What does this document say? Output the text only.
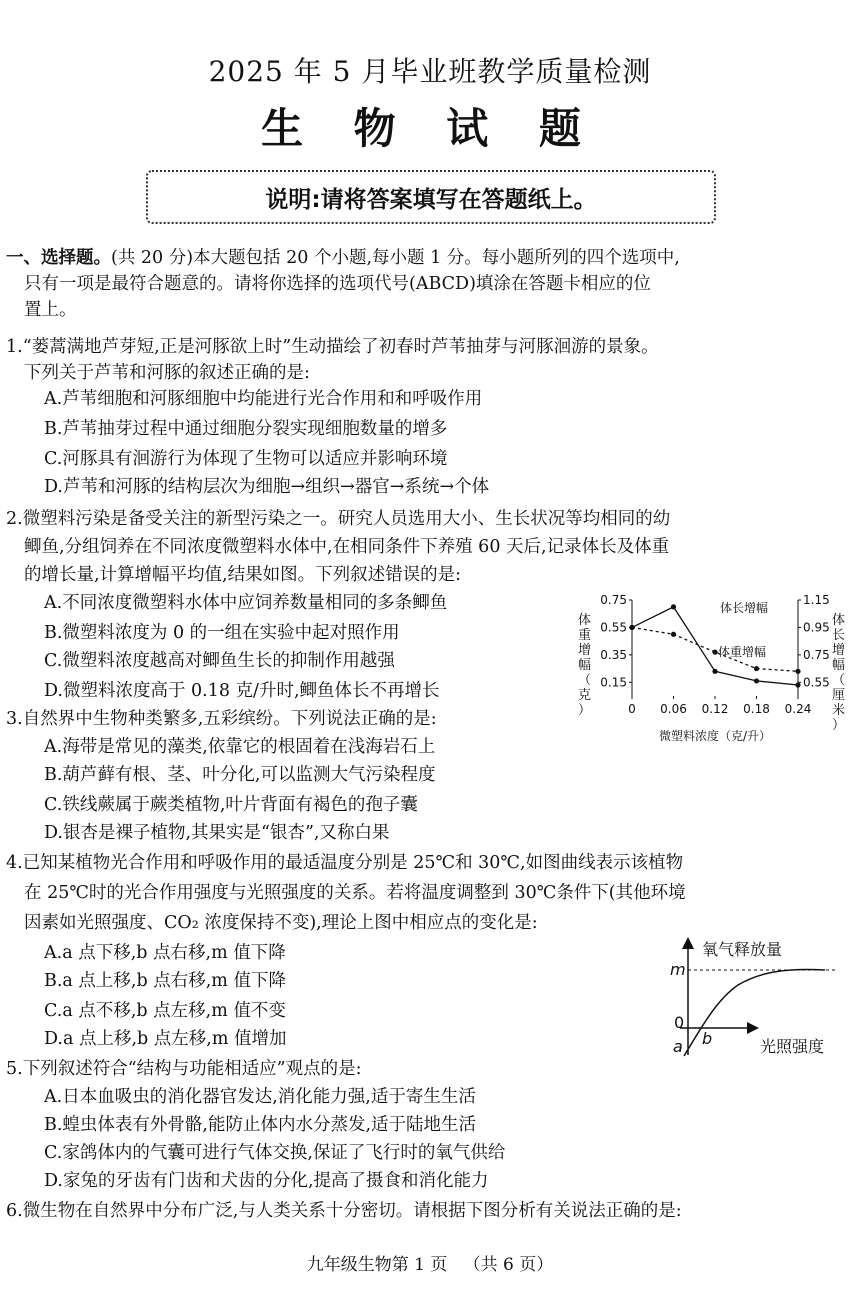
2025 年 5 月毕业班教学质量检测
生 物 试 题
说明:请将答案填写在答题纸上。
一、选择题。(共 20 分)本大题包括 20 个小题,每小题 1 分。每小题所列的四个选项中,
只有一项是最符合题意的。请将你选择的选项代号(ABCD)填涂在答题卡相应的位
置上。
1.“蒌蒿满地芦芽短,正是河豚欲上时”生动描绘了初春时芦苇抽芽与河豚洄游的景象。
下列关于芦苇和河豚的叙述正确的是:
A.芦苇细胞和河豚细胞中均能进行光合作用和和呼吸作用
B.芦苇抽芽过程中通过细胞分裂实现细胞数量的增多
C.河豚具有洄游行为体现了生物可以适应并影响环境
D.芦苇和河豚的结构层次为细胞→组织→器官→系统→个体
2.微塑料污染是备受关注的新型污染之一。研究人员选用大小、生长状况等均相同的幼
鲫鱼,分组饲养在不同浓度微塑料水体中,在相同条件下养殖 60 天后,记录体长及体重
的增长量,计算增幅平均值,结果如图。下列叙述错误的是:
A.不同浓度微塑料水体中应饲养数量相同的多条鲫鱼
B.微塑料浓度为 0 的一组在实验中起对照作用
C.微塑料浓度越高对鲫鱼生长的抑制作用越强
D.微塑料浓度高于 0.18 克/升时,鲫鱼体长不再增长
0 0.06 0.12 0.18 0.24
0.75
0.55
0.35
0.15
1.15
0.95
0.75
0.55
体重增幅（克）
体长增幅（厘米）
微塑料浓度（克/升）
体长增幅
体重增幅
3.自然界中生物种类繁多,五彩缤纷。下列说法正确的是:
A.海带是常见的藻类,依靠它的根固着在浅海岩石上
B.葫芦藓有根、茎、叶分化,可以监测大气污染程度
C.铁线蕨属于蕨类植物,叶片背面有褐色的孢子囊
D.银杏是裸子植物,其果实是“银杏”,又称白果
4.已知某植物光合作用和呼吸作用的最适温度分别是 25℃和 30℃,如图曲线表示该植物
在 25℃时的光合作用强度与光照强度的关系。若将温度调整到 30℃条件下(其他环境
因素如光照强度、CO₂ 浓度保持不变),理论上图中相应点的变化是:
A.a 点下移,b 点右移,m 值下降
B.a 点上移,b 点右移,m 值下降
C.a 点不移,b 点左移,m 值不变
D.a 点上移,b 点左移,m 值增加
氧气释放量
m
0
a b	光照强度
5.下列叙述符合“结构与功能相适应”观点的是:
A.日本血吸虫的消化器官发达,消化能力强,适于寄生生活
B.蝗虫体表有外骨骼,能防止体内水分蒸发,适于陆地生活
C.家鸽体内的气囊可进行气体交换,保证了飞行时的氧气供给
D.家兔的牙齿有门齿和犬齿的分化,提高了摄食和消化能力
6.微生物在自然界中分布广泛,与人类关系十分密切。请根据下图分析有关说法正确的是:
九年级生物第 1 页 （共 6 页）
